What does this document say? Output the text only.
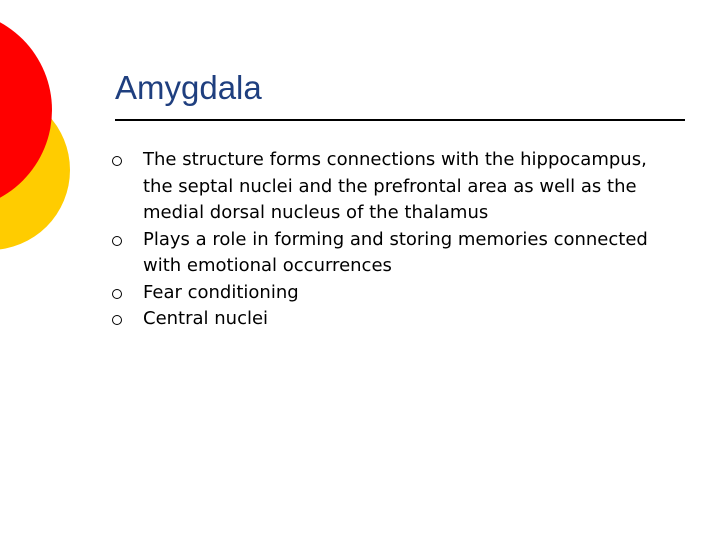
Amygdala
The structure forms connections with the hippocampus, the septal nuclei and the prefrontal area as well as the medial dorsal nucleus of the thalamus
Plays a role in forming and storing memories connected with emotional occurrences
Fear conditioning
Central nuclei
